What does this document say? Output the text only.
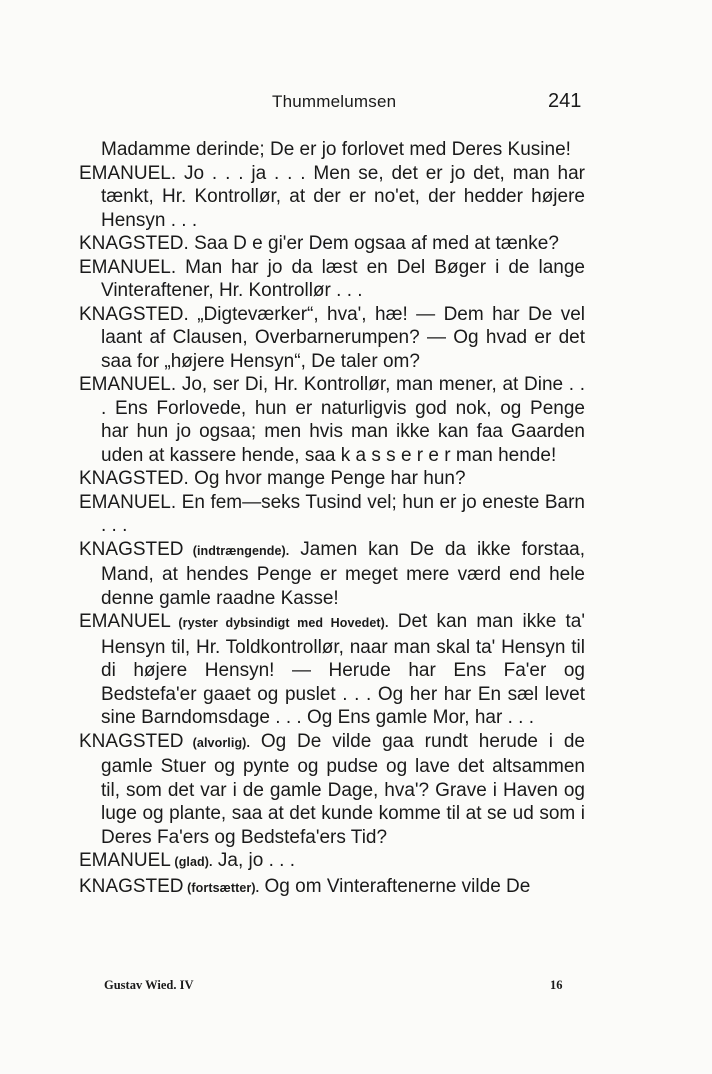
Thummelumsen	241

Madamme derinde; De er jo forlovet med Deres Kusine!

EMANUEL. Jo . . . ja . . . Men se, det er jo det, man har tænkt, Hr. Kontrollør, at der er no'et, der hedder højere Hensyn . . .

KNAGSTED. Saa D e gi'er Dem ogsaa af med at tænke?

EMANUEL. Man har jo da læst en Del Bøger i de lange Vinteraftener, Hr. Kontrollør . . .

KNAGSTED. „Digteværker“, hva', hæ! — Dem har De vel laant af Clausen, Overbarnerumpen? — Og hvad er det saa for „højere Hensyn“, De taler om?

EMANUEL. Jo, ser Di, Hr. Kontrollør, man mener, at Dine . . . Ens Forlovede, hun er naturligvis god nok, og Penge har hun jo ogsaa; men hvis man ikke kan faa Gaarden uden at kassere hende, saa k a s s e r e r man hende!

KNAGSTED. Og hvor mange Penge har hun?

EMANUEL. En fem—seks Tusind vel; hun er jo eneste Barn . . .

KNAGSTED (indtrængende). Jamen kan De da ikke forstaa, Mand, at hendes Penge er meget mere værd end hele denne gamle raadne Kasse!

EMANUEL (ryster dybsindigt med Hovedet). Det kan man ikke ta' Hensyn til, Hr. Toldkontrollør, naar man skal ta' Hensyn til di højere Hensyn! — Herude har Ens Fa'er og Bedstefa'er gaaet og puslet . . . Og her har En sæl levet sine Barndomsdage . . . Og Ens gamle Mor, har . . .

KNAGSTED (alvorlig). Og De vilde gaa rundt herude i de gamle Stuer og pynte og pudse og lave det altsammen til, som det var i de gamle Dage, hva'? Grave i Haven og luge og plante, saa at det kunde komme til at se ud som i Deres Fa'ers og Bedstefa'ers Tid?

EMANUEL (glad). Ja, jo . . .

KNAGSTED (fortsætter). Og om Vinteraftenerne vilde De

Gustav Wied. IV	16
